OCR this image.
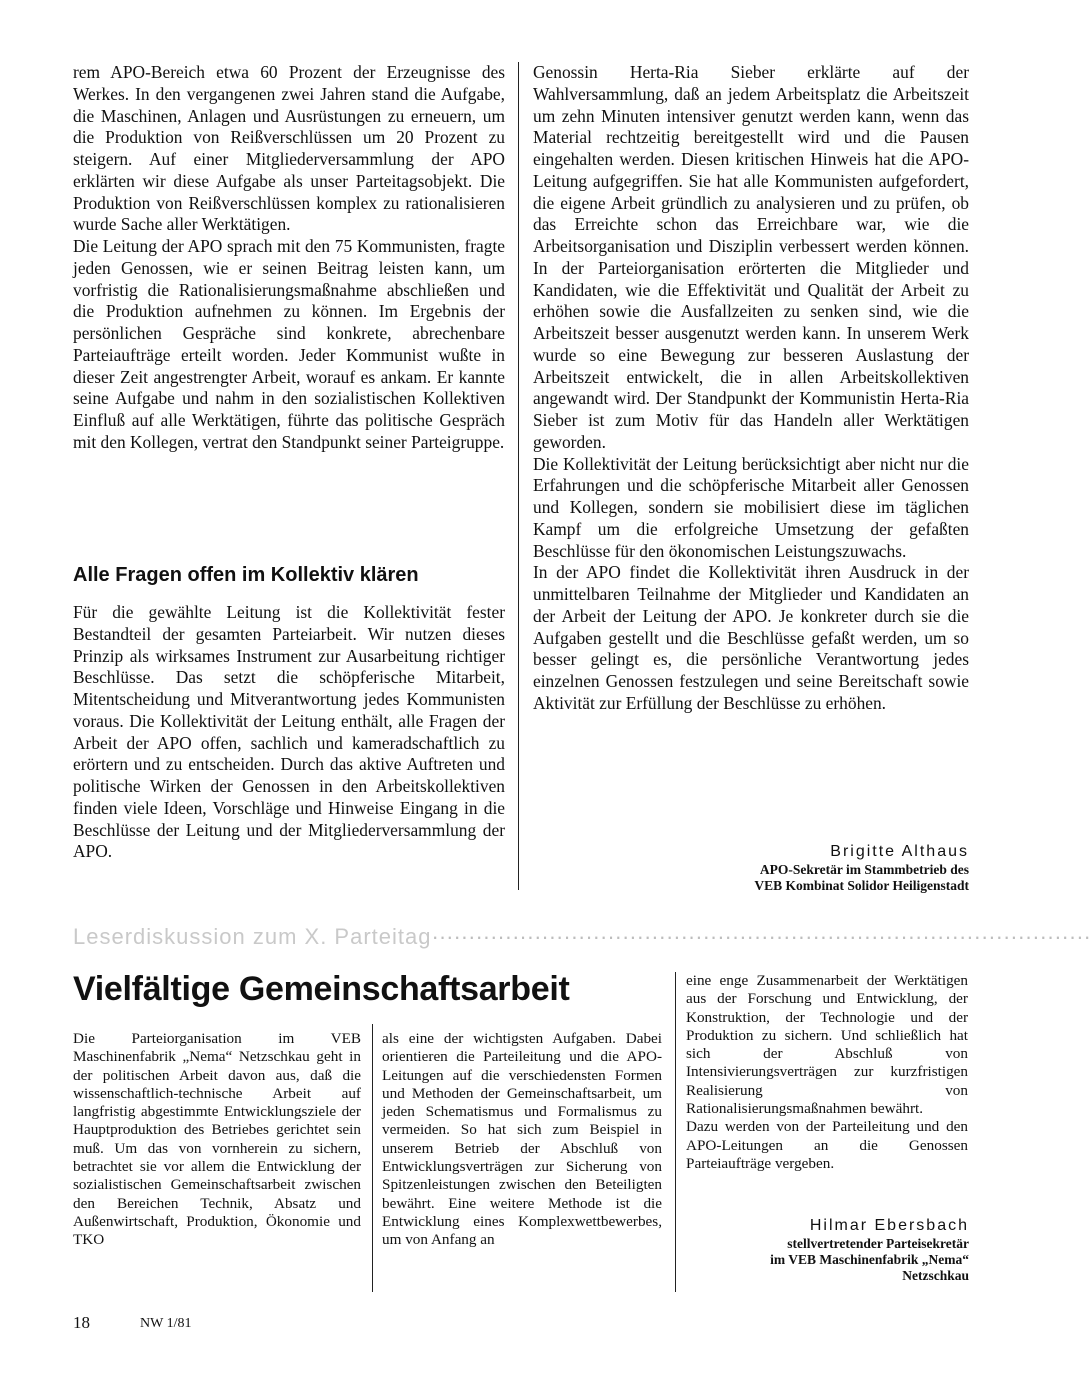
rem APO-Bereich etwa 60 Prozent der Erzeugnisse des Werkes. In den vergangenen zwei Jahren stand die Aufgabe, die Maschinen, Anlagen und Ausrüstungen zu erneuern, um die Produktion von Reißverschlüssen um 20 Prozent zu steigern. Auf einer Mitgliederversammlung der APO erklärten wir diese Aufgabe als unser Parteitagsobjekt. Die Produktion von Reißverschlüssen komplex zu rationalisieren wurde Sache aller Werktätigen.

Die Leitung der APO sprach mit den 75 Kommunisten, fragte jeden Genossen, wie er seinen Beitrag leisten kann, um vorfristig die Rationalisierungsmaßnahme abschließen und die Produktion aufnehmen zu können. Im Ergebnis der persönlichen Gespräche sind konkrete, abrechenbare Parteiaufträge erteilt worden. Jeder Kommunist wußte in dieser Zeit angestrengter Arbeit, worauf es ankam. Er kannte seine Aufgabe und nahm in den sozialistischen Kollektiven Einfluß auf alle Werktätigen, führte das politische Gespräch mit den Kollegen, vertrat den Standpunkt seiner Parteigruppe.

Alle Fragen offen im Kollektiv klären

Für die gewählte Leitung ist die Kollektivität fester Bestandteil der gesamten Parteiarbeit. Wir nutzen dieses Prinzip als wirksames Instrument zur Ausarbeitung richtiger Beschlüsse. Das setzt die schöpferische Mitarbeit, Mitentscheidung und Mitverantwortung jedes Kommunisten voraus. Die Kollektivität der Leitung enthält, alle Fragen der Arbeit der APO offen, sachlich und kameradschaftlich zu erörtern und zu entscheiden. Durch das aktive Auftreten und politische Wirken der Genossen in den Arbeitskollektiven finden viele Ideen, Vorschläge und Hinweise Eingang in die Beschlüsse der Leitung und der Mitgliederversammlung der APO.

Genossin Herta-Ria Sieber erklärte auf der Wahlversammlung, daß an jedem Arbeitsplatz die Arbeitszeit um zehn Minuten intensiver genutzt werden kann, wenn das Material rechtzeitig bereitgestellt wird und die Pausen eingehalten werden. Diesen kritischen Hinweis hat die APO-Leitung aufgegriffen. Sie hat alle Kommunisten aufgefordert, die eigene Arbeit gründlich zu analysieren und zu prüfen, ob das Erreichte schon das Erreichbare war, wie die Arbeitsorganisation und Disziplin verbessert werden können. In der Parteiorganisation erörterten die Mitglieder und Kandidaten, wie die Effektivität und Qualität der Arbeit zu erhöhen sowie die Ausfallzeiten zu senken sind, wie die Arbeitszeit besser ausgenutzt werden kann. In unserem Werk wurde so eine Bewegung zur besseren Auslastung der Arbeitszeit entwickelt, die in allen Arbeitskollektiven angewandt wird. Der Standpunkt der Kommunistin Herta-Ria Sieber ist zum Motiv für das Handeln aller Werktätigen geworden.

Die Kollektivität der Leitung berücksichtigt aber nicht nur die Erfahrungen und die schöpferische Mitarbeit aller Genossen und Kollegen, sondern sie mobilisiert diese im täglichen Kampf um die erfolgreiche Umsetzung der gefaßten Beschlüsse für den ökonomischen Leistungszuwachs.

In der APO findet die Kollektivität ihren Ausdruck in der unmittelbaren Teilnahme der Mitglieder und Kandidaten an der Arbeit der Leitung der APO. Je konkreter durch sie die Aufgaben gestellt und die Beschlüsse gefaßt werden, um so besser gelingt es, die persönliche Verantwortung jedes einzelnen Genossen festzulegen und seine Bereitschaft sowie Aktivität zur Erfüllung der Beschlüsse zu erhöhen.

Brigitte Althaus
APO-Sekretär im Stammbetrieb des
VEB Kombinat Solidor Heiligenstadt
Leserdiskussion zum X. Parteitag··························································································
Vielfältige Gemeinschaftsarbeit

Die Parteiorganisation im VEB Maschinenfabrik „Nema“ Netzschkau geht in der politischen Arbeit davon aus, daß die wissenschaftlich-technische Arbeit auf langfristig abgestimmte Entwicklungsziele der Hauptproduktion des Betriebes gerichtet sein muß. Um das von vornherein zu sichern, betrachtet sie vor allem die Entwicklung der sozialistischen Gemeinschaftsarbeit zwischen den Bereichen Technik, Absatz und Außenwirtschaft, Produktion, Ökonomie und TKO

als eine der wichtigsten Aufgaben. Dabei orientieren die Parteileitung und die APO-Leitungen auf die verschiedensten Formen und Methoden der Gemeinschaftsarbeit, um jeden Schematismus und Formalismus zu vermeiden. So hat sich zum Beispiel in unserem Betrieb der Abschluß von Entwicklungsverträgen zur Sicherung von Spitzenleistungen zwischen den Beteiligten bewährt. Eine weitere Methode ist die Entwicklung eines Komplexwettbewerbes, um von Anfang an

eine enge Zusammenarbeit der Werktätigen aus der Forschung und Entwicklung, der Konstruktion, der Technologie und der Produktion zu sichern. Und schließlich hat sich der Abschluß von Intensivierungsverträgen zur kurzfristigen Realisierung von Rationalisierungsmaßnahmen bewährt.

Dazu werden von der Parteileitung und den APO-Leitungen an die Genossen Parteiaufträge vergeben.

Hilmar Ebersbach
stellvertretender Parteisekretär
im VEB Maschinenfabrik „Nema“
Netzschkau
18	NW 1/81
